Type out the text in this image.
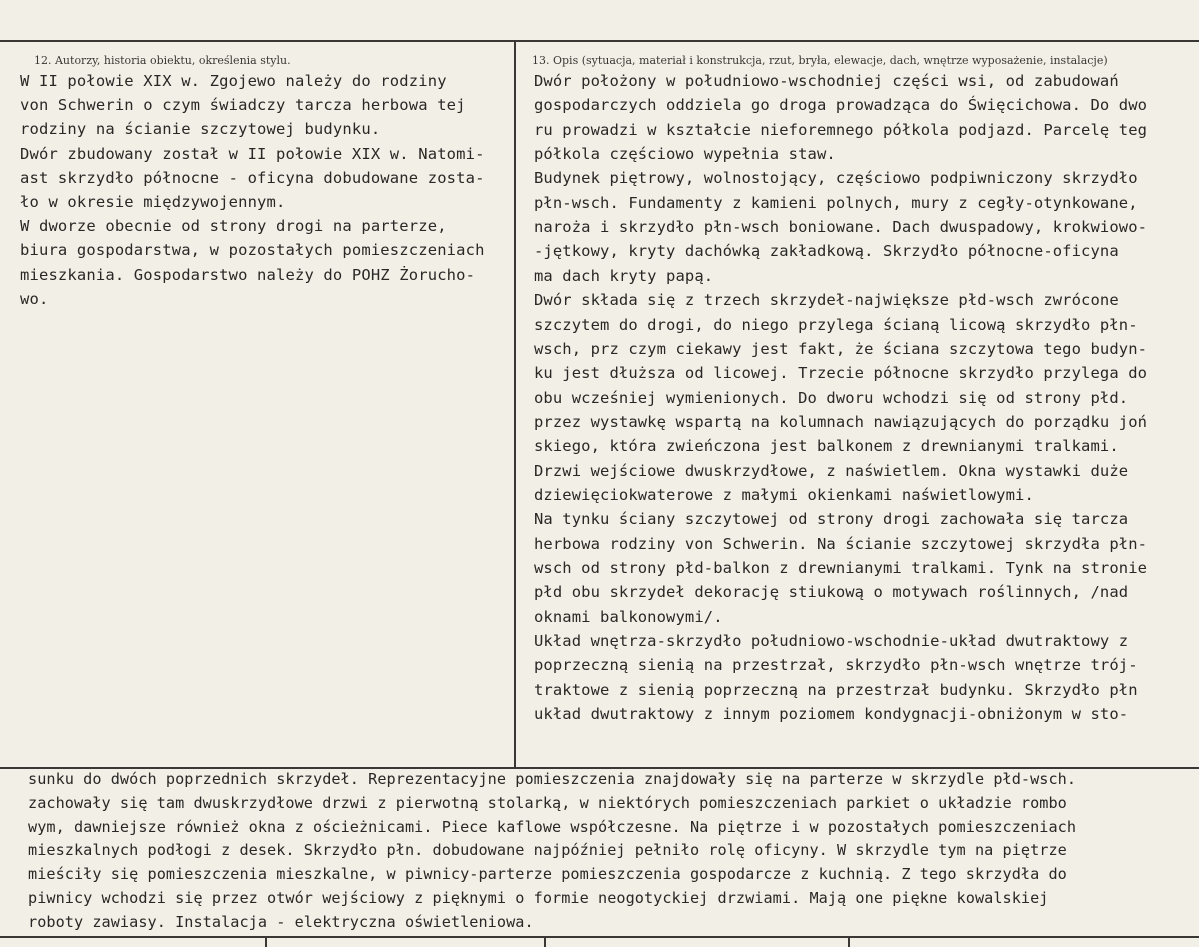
12. Autorzy, historia obiektu, określenia stylu.
W II połowie XIX w. Zgojewo należy do rodziny
von Schwerin o czym świadczy tarcza herbowa tej
rodziny na ścianie szczytowej budynku.
Dwór zbudowany został w II połowie XIX w. Natomi-
ast skrzydło północne - oficyna dobudowane zosta-
ło w okresie międzywojennym.
W dworze obecnie od strony drogi na parterze,
biura gospodarstwa, w pozostałych pomieszczeniach
mieszkania. Gospodarstwo należy do POHZ Żoruchо-
wo.
13. Opis (sytuacja, materiał i konstrukcja, rzut, bryła, elewacje, dach, wnętrze wyposażenie, instalacje)
Dwór położony w południowo-wschodniej części wsi, od zabudowań
gospodarczych oddziela go droga prowadząca do Święcichowa. Do dwo
ru prowadzi w kształcie nieforemnego półkola podjazd. Parcelę teg
półkola częściowo wypełnia staw.
Budynek piętrowy, wolnostojący, częściowo podpiwniczony skrzydło
płn-wsch. Fundamenty z kamieni polnych, mury z cegły-otynkowane,
naroża i skrzydło płn-wsch boniowane. Dach dwuspadowy, krokwiowo-
-jętkowy, kryty dachówką zakładkową. Skrzydło północne-oficyna
ma dach kryty papą.
Dwór składa się z trzech skrzydeł-największe płd-wsch zwrócone
szczytem do drogi, do niego przylega ścianą licową skrzydło płn-
wsch, prz czym ciekawy jest fakt, że ściana szczytowa tego budyn-
ku jest dłuższa od licowej. Trzecie północne skrzydło przylega do
obu wcześniej wymienionych. Do dworu wchodzi się od strony płd.
przez wystawkę wspartą na kolumnach nawiązujących do porządku joń
skiego, która zwieńczona jest balkonem z drewnianymi tralkami.
Drzwi wejściowe dwuskrzydłowe, z naświetlem. Okna wystawki duże
dziewięciokwaterowe z małymi okienkami naświetlowymi.
Na tynku ściany szczytowej od strony drogi zachowała się tarcza
herbowa rodziny von Schwerin. Na ścianie szczytowej skrzydła płn-
wsch od strony płd-balkon z drewnianymi tralkami. Tynk na stronie
płd obu skrzydeł dekorację stiukową o motywach roślinnych, /nad
oknami balkonowymi/.
Układ wnętrza-skrzydło południowo-wschodnie-układ dwutraktowy z
poprzeczną sienią na przestrzał, skrzydło płn-wsch wnętrze trój-
traktowe z sienią poprzeczną na przestrzał budynku. Skrzydło płn
układ dwutraktowy z innym poziomem kondygnacji-obniżonym w sto-
sunku do dwóch poprzednich skrzydeł. Reprezentacyjne pomieszczenia znajdowały się na parterze w skrzydle płd-wsch.
zachowały się tam dwuskrzydłowe drzwi z pierwotną stolarką, w niektórych pomieszczeniach parkiet o układzie rombo
wym, dawniejsze również okna z ościeżnicami. Piece kaflowe współczesne. Na piętrze i w pozostałych pomieszczeniach
mieszkalnych podłogi z desek. Skrzydło płn. dobudowane najpóźniej pełniło rolę oficyny. W skrzydle tym na piętrze
mieściły się pomieszczenia mieszkalne, w piwnicy-parterze pomieszczenia gospodarcze z kuchnią. Z tego skrzydła do
piwnicy wchodzi się przez otwór wejściowy z pięknymi o formie neogotyckiej drzwiami. Mają one piękne kowalskiej
roboty zawiasy. Instalacja - elektryczna oświetleniowa.
